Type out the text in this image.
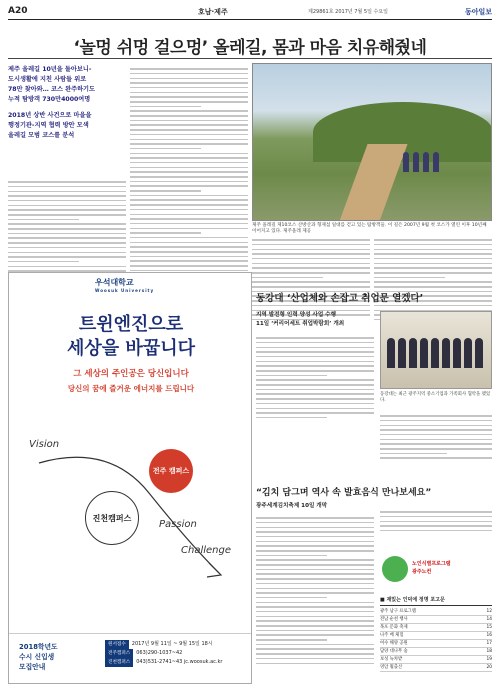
A20	호남·제주	제29861호 2017년 7월 5일 수요일	동아일보
‘놀멍 쉬멍 걸으멍’ 올레길, 몸과 마음 치유해줬네
제주 올레길 10년을 돌아보니-
도시생활에 지친 사람들 위로
78만 찾아와… 코스 완주하기도
누적 탐방객 730만4000여명
2018년 상반 사건으로 마을을
행정기관-지역 협력 방안 모색
올레길 모범 코스를 분석
제주 올레길 제10코스 산방산과 형제섬 일대를 걷고 있는 탐방객들. 이 길은 2007년 9월 첫 코스가 열린 이후 10년째 이어지고 있다. 제주올레 제공
우석대학교
Woosuk University
트윈엔진으로
세상을 바꿉니다
그 세상의 주인공은 당신입니다
당신의 꿈에 즐거운 에너지를 드립니다
Vision
Passion
Challenge
진천캠퍼스
전주 캠퍼스
2018학년도
수시 신입생
모집안내
원서접수 2017년 9월 11일 ~ 9월 15일 18시
전주캠퍼스 063)290-1037~42
진천캠퍼스 043)531-2741~43 jc.woosuk.ac.kr
동강대 ‘산업체와 손잡고 취업문 열겠다’
지역 발전형 인력 양성 사업 수행
11일 ‘커리어세트 취업박람회’ 개최
동강대는 최근 광주지역 중소기업과 가족회사 협약을 맺었다.
“김치 담그며 역사 속 발효음식 만나보세요”
광주세계김치축제 10일 개막
노인식별프로그램
광주노컨
■ 재밌는 인덕에 정명 포고문
광주 남구 프로그램	12
전남 순천 행사	14
목포 문화 축제	15
나주 배 체험	16
여수 해양 공원	17
담양 대나무 숲	18
보성 녹차밭	19
영암 월출산	20
